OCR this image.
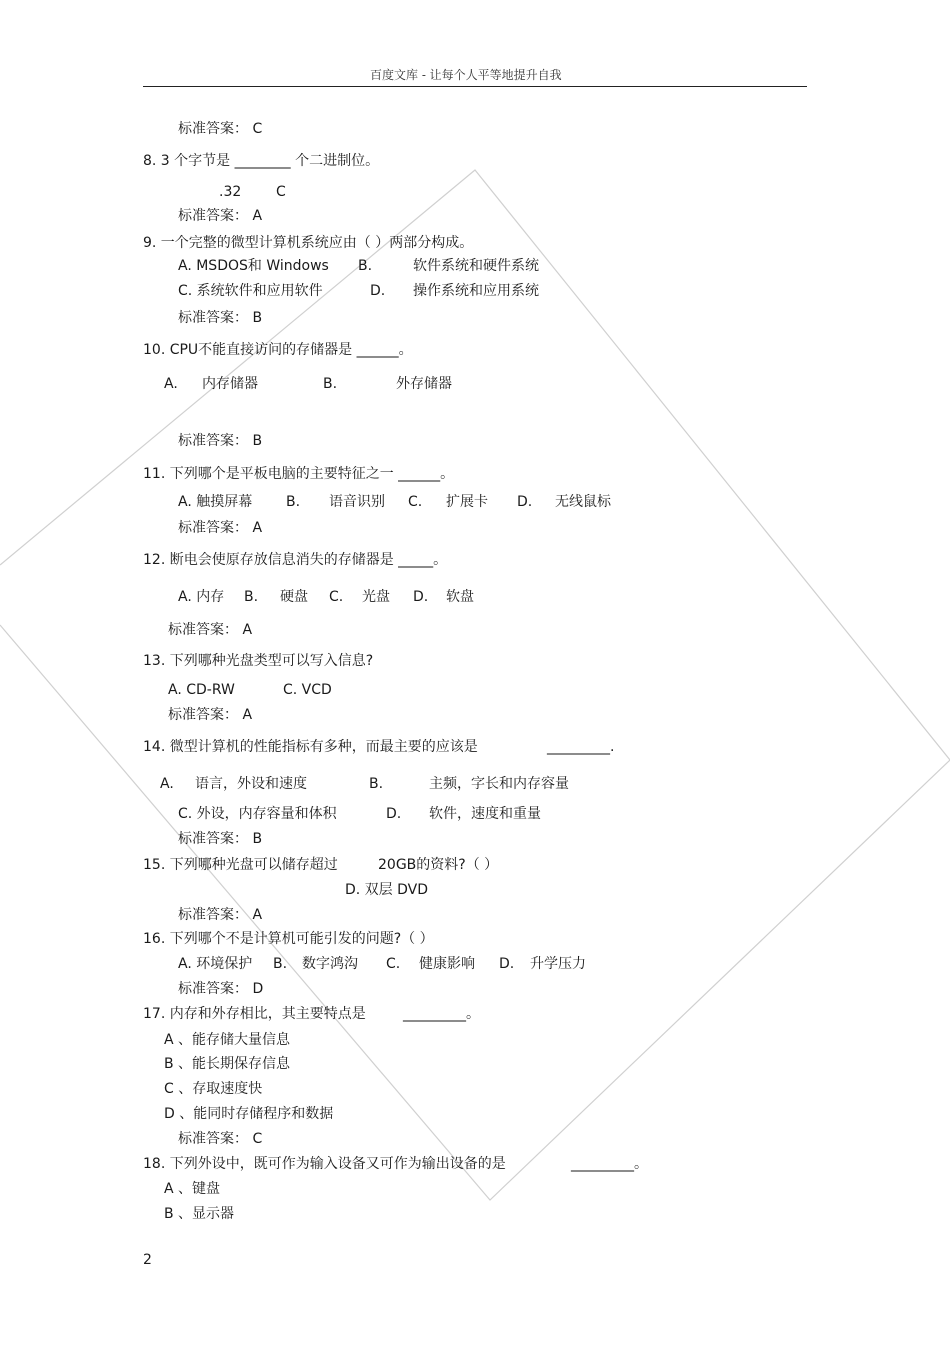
百度文库 - 让每个人平等地提升自我
标准答案： C
8. 3 个字节是 ________ 个二进制位。
.32 C
标准答案： A
9. 一个完整的微型计算机系统应由（ ）两部分构成。
A. MSDOS和 Windows B.	软件系统和硬件系统
C. 系统软件和应用软件	D. 操作系统和应用系统
标准答案： B
10. CPU不能直接访问的存储器是 ______。
A. 内存储器	B.	外存储器
标准答案： B
11. 下列哪个是平板电脑的主要特征之一 ______。
A. 触摸屏幕 B. 语音识别 C. 扩展卡 D. 无线鼠标
标准答案： A
12. 断电会使原存放信息消失的存储器是 _____。
A. 内存 B. 硬盘 C. 光盘 D. 软盘
标准答案： A
13. 下列哪种光盘类型可以写入信息?
A. CD-RW	C. VCD
标准答案： A
14. 微型计算机的性能指标有多种，而最主要的应该是	_________.
A. 语言，外设和速度	B.	主频，字长和内存容量
C. 外设，内存容量和体积	D. 软件，速度和重量
标准答案： B
15. 下列哪种光盘可以储存超过	20GB的资料?（ ）
D. 双层 DVD
标准答案： A
16. 下列哪个不是计算机可能引发的问题?（ ）
A. 环境保护 B. 数字鸿沟 C. 健康影响 D. 升学压力
标准答案： D
17. 内存和外存相比，其主要特点是	_________。
A 、能存储大量信息
B 、能长期保存信息
C 、存取速度快
D 、能同时存储程序和数据
标准答案： C
18. 下列外设中，既可作为输入设备又可作为输出设备的是	_________。
A 、键盘
B 、显示器
2
